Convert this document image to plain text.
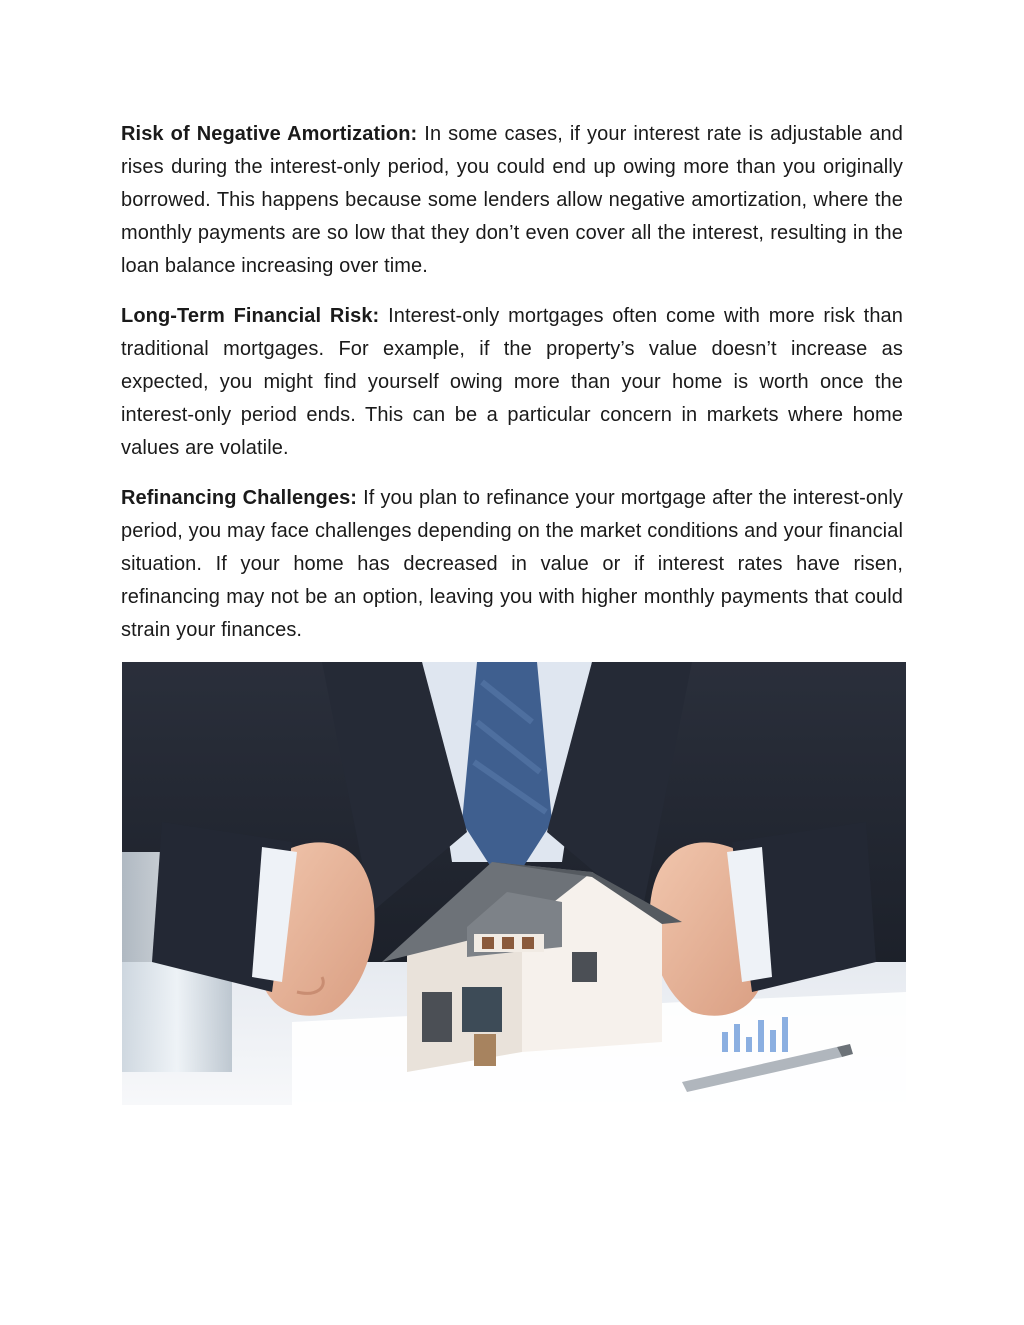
Risk of Negative Amortization: In some cases, if your interest rate is adjustable and rises during the interest-only period, you could end up owing more than you originally borrowed. This happens because some lenders allow negative amortization, where the monthly payments are so low that they don’t even cover all the interest, resulting in the loan balance increasing over time.

Long-Term Financial Risk: Interest-only mortgages often come with more risk than traditional mortgages. For example, if the property’s value doesn’t increase as expected, you might find yourself owing more than your home is worth once the interest-only period ends. This can be a particular concern in markets where home values are volatile.

Refinancing Challenges: If you plan to refinance your mortgage after the interest-only period, you may face challenges depending on the market conditions and your financial situation. If your home has decreased in value or if interest rates have risen, refinancing may not be an option, leaving you with higher monthly payments that could strain your finances.
